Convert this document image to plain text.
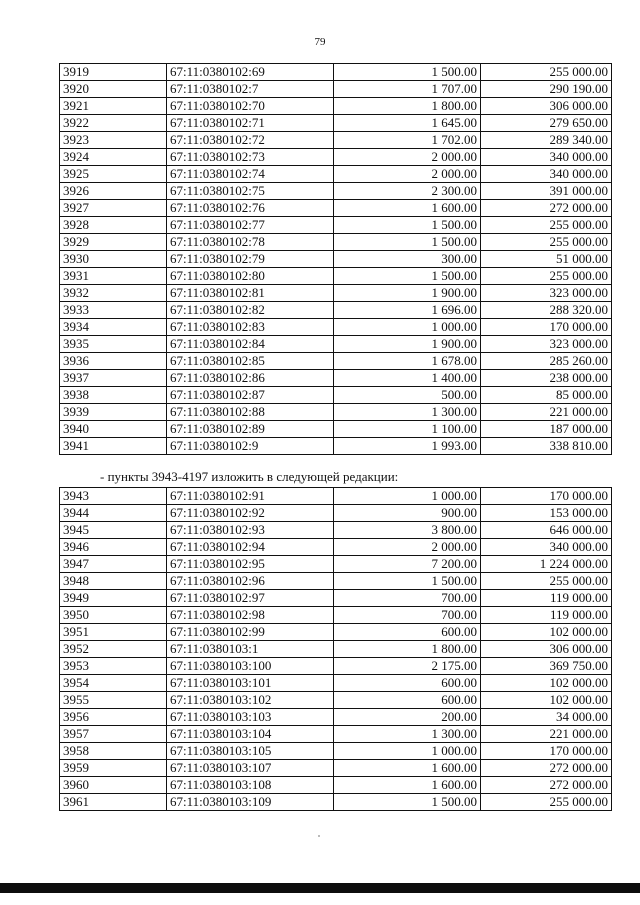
79
3919	67:11:0380102:69	1 500.00	255 000.00
3920	67:11:0380102:7	1 707.00	290 190.00
3921	67:11:0380102:70	1 800.00	306 000.00
3922	67:11:0380102:71	1 645.00	279 650.00
3923	67:11:0380102:72	1 702.00	289 340.00
3924	67:11:0380102:73	2 000.00	340 000.00
3925	67:11:0380102:74	2 000.00	340 000.00
3926	67:11:0380102:75	2 300.00	391 000.00
3927	67:11:0380102:76	1 600.00	272 000.00
3928	67:11:0380102:77	1 500.00	255 000.00
3929	67:11:0380102:78	1 500.00	255 000.00
3930	67:11:0380102:79	300.00	51 000.00
3931	67:11:0380102:80	1 500.00	255 000.00
3932	67:11:0380102:81	1 900.00	323 000.00
3933	67:11:0380102:82	1 696.00	288 320.00
3934	67:11:0380102:83	1 000.00	170 000.00
3935	67:11:0380102:84	1 900.00	323 000.00
3936	67:11:0380102:85	1 678.00	285 260.00
3937	67:11:0380102:86	1 400.00	238 000.00
3938	67:11:0380102:87	500.00	85 000.00
3939	67:11:0380102:88	1 300.00	221 000.00
3940	67:11:0380102:89	1 100.00	187 000.00
3941	67:11:0380102:9	1 993.00	338 810.00
- пункты 3943-4197 изложить в следующей редакции:
3943	67:11:0380102:91	1 000.00	170 000.00
3944	67:11:0380102:92	900.00	153 000.00
3945	67:11:0380102:93	3 800.00	646 000.00
3946	67:11:0380102:94	2 000.00	340 000.00
3947	67:11:0380102:95	7 200.00	1 224 000.00
3948	67:11:0380102:96	1 500.00	255 000.00
3949	67:11:0380102:97	700.00	119 000.00
3950	67:11:0380102:98	700.00	119 000.00
3951	67:11:0380102:99	600.00	102 000.00
3952	67:11:0380103:1	1 800.00	306 000.00
3953	67:11:0380103:100	2 175.00	369 750.00
3954	67:11:0380103:101	600.00	102 000.00
3955	67:11:0380103:102	600.00	102 000.00
3956	67:11:0380103:103	200.00	34 000.00
3957	67:11:0380103:104	1 300.00	221 000.00
3958	67:11:0380103:105	1 000.00	170 000.00
3959	67:11:0380103:107	1 600.00	272 000.00
3960	67:11:0380103:108	1 600.00	272 000.00
3961	67:11:0380103:109	1 500.00	255 000.00
